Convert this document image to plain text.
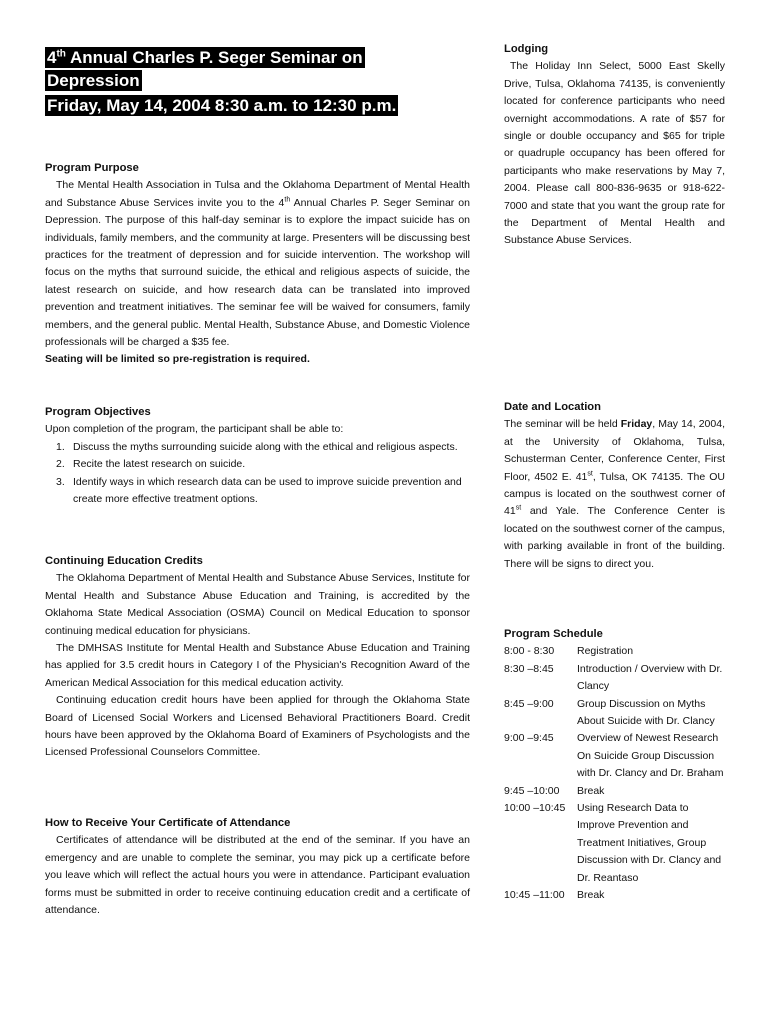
4th Annual Charles P. Seger Seminar on
Depression
Friday, May 14, 2004 8:30 a.m. to 12:30 p.m.
Program Purpose

The Mental Health Association in Tulsa and the Oklahoma Department of Mental Health and Substance Abuse Services invite you to the 4th Annual Charles P. Seger Seminar on Depression. The purpose of this half-day seminar is to explore the impact suicide has on individuals, family members, and the community at large. Presenters will be discussing best practices for the treatment of depression and for suicide intervention. The workshop will focus on the myths that surround suicide, the ethical and religious aspects of suicide, the latest research on suicide, and how research data can be translated into improved prevention and treatment initiatives. The seminar fee will be waived for consumers, family members, and the general public. Mental Health, Substance Abuse, and Domestic Violence professionals will be charged a $35 fee.

Seating will be limited so pre-registration is required.

Program Objectives

Upon completion of the program, the participant shall be able to:

1. Discuss the myths surrounding suicide along with the ethical and religious aspects.
2. Recite the latest research on suicide.
3. Identify ways in which research data can be used to improve suicide prevention and create more effective treatment options.
Continuing Education Credits

The Oklahoma Department of Mental Health and Substance Abuse Services, Institute for Mental Health and Substance Abuse Education and Training, is accredited by the Oklahoma State Medical Association (OSMA) Council on Medical Education to sponsor continuing medical education for physicians.

The DMHSAS Institute for Mental Health and Substance Abuse Education and Training has applied for 3.5 credit hours in Category I of the Physician's Recognition Award of the American Medical Association for this medical education activity.

Continuing education credit hours have been applied for through the Oklahoma State Board of Licensed Social Workers and Licensed Behavioral Practitioners Board. Credit hours have been approved by the Oklahoma Board of Examiners of Psychologists and the Licensed Professional Counselors Committee.

How to Receive Your Certificate of Attendance

Certificates of attendance will be distributed at the end of the seminar. If you have an emergency and are unable to complete the seminar, you may pick up a certificate before you leave which will reflect the actual hours you were in attendance. Participant evaluation forms must be submitted in order to receive continuing education credit and a certificate of attendance.

Lodging

The Holiday Inn Select, 5000 East Skelly Drive, Tulsa, Oklahoma 74135, is conveniently located for conference participants who need overnight accommodations. A rate of $57 for single or double occupancy and $65 for triple or quadruple occupancy has been offered for participants who make reservations by May 7, 2004. Please call 800-836-9635 or 918-622-7000 and state that you want the group rate for the Department of Mental Health and Substance Abuse Services.

Date and Location

The seminar will be held Friday, May 14, 2004, at the University of Oklahoma, Tulsa, Schusterman Center, Conference Center, First Floor, 4502 E. 41st, Tulsa, OK 74135. The OU campus is located on the southwest corner of 41st and Yale. The Conference Center is located on the southwest corner of the campus, with parking available in front of the building. There will be signs to direct you.

Program Schedule
8:00 - 8:30	Registration
8:30 –8:45	Introduction / Overview with Dr. Clancy
8:45 –9:00	Group Discussion on Myths About Suicide with Dr. Clancy
9:00 –9:45	Overview of Newest Research On Suicide Group Discussion with Dr. Clancy and Dr. Braham
9:45 –10:00	Break
10:00 –10:45	Using Research Data to Improve Prevention and Treatment Initiatives, Group Discussion with Dr. Clancy and Dr. Reantaso
10:45 –11:00	Break
